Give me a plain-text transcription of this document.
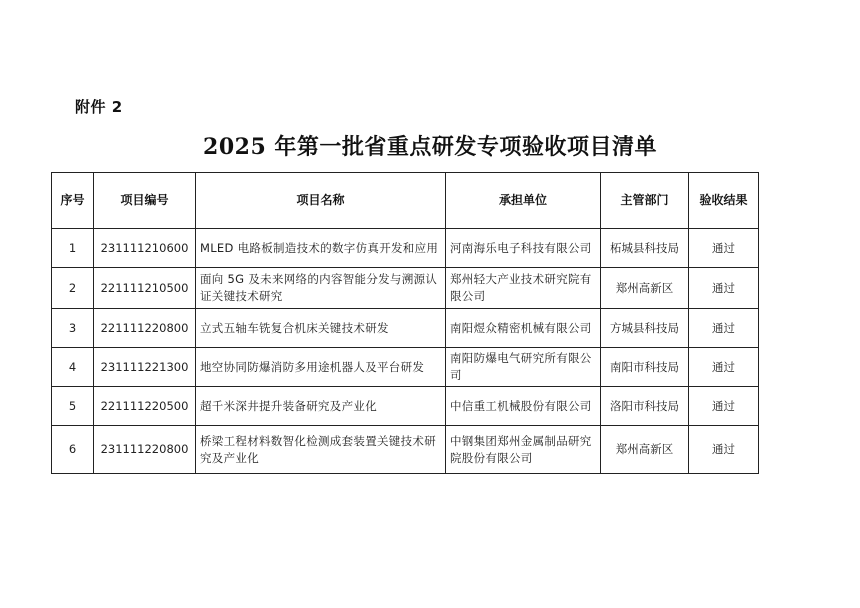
附件 2
2025 年第一批省重点研发专项验收项目清单
序号	项目编号	项目名称	承担单位	主管部门	验收结果
1	231111210600	MLED 电路板制造技术的数字仿真开发和应用	河南海乐电子科技有限公司	柘城县科技局	通过
2	221111210500	面向 5G 及未来网络的内容智能分发与溯源认证关键技术研究	郑州轻大产业技术研究院有限公司	郑州高新区	通过
3	221111220800	立式五轴车铣复合机床关键技术研发	南阳煜众精密机械有限公司	方城县科技局	通过
4	231111221300	地空协同防爆消防多用途机器人及平台研发	南阳防爆电气研究所有限公司	南阳市科技局	通过
5	221111220500	超千米深井提升装备研究及产业化	中信重工机械股份有限公司	洛阳市科技局	通过
6	231111220800	桥梁工程材料数智化检测成套装置关键技术研究及产业化	中钢集团郑州金属制品研究院股份有限公司	郑州高新区	通过
